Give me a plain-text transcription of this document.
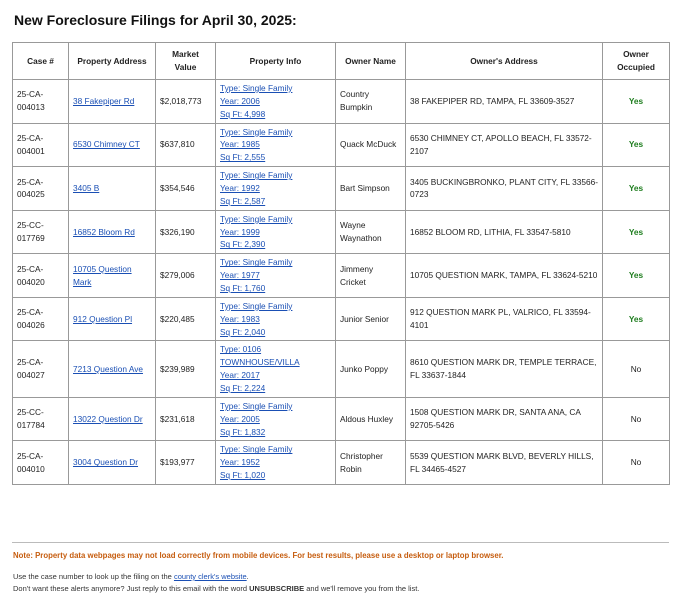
New Foreclosure Filings for April 30, 2025:
Case #	Property Address	Market
Value	Property Info	Owner Name	Owner's Address	Owner
Occupied
25-CA-004013	38 Fakepiper Rd	$2,018,773	Type: Single Family
Year: 2006
Sq Ft: 4,998	Country Bumpkin	38 FAKEPIPER RD, TAMPA, FL 33609-3527	Yes
25-CA-004001	6530 Chimney CT	$637,810	Type: Single Family
Year: 1985
Sq Ft: 2,555	Quack McDuck	6530 CHIMNEY CT, APOLLO BEACH, FL 33572-2107	Yes
25-CA-004025	3405 B	$354,546	Type: Single Family
Year: 1992
Sq Ft: 2,587	Bart Simpson	3405 BUCKINGBRONKO, PLANT CITY, FL 33566-0723	Yes
25-CC-017769	16852 Bloom Rd	$326,190	Type: Single Family
Year: 1999
Sq Ft: 2,390	Wayne Waynathon	16852 BLOOM RD, LITHIA, FL 33547-5810	Yes
25-CA-004020	10705 Question Mark	$279,006	Type: Single Family
Year: 1977
Sq Ft: 1,760	Jimmeny Cricket	10705 QUESTION MARK, TAMPA, FL 33624-5210	Yes
25-CA-004026	912 Question Pl	$220,485	Type: Single Family
Year: 1983
Sq Ft: 2,040	Junior Senior	912 QUESTION MARK PL, VALRICO, FL 33594-4101	Yes
25-CA-004027	7213 Question Ave	$239,989	Type: 0106 TOWNHOUSE/VILLA
Year: 2017
Sq Ft: 2,224	Junko Poppy	8610 QUESTION MARK DR, TEMPLE TERRACE, FL 33637-1844	No
25-CC-017784	13022 Question Dr	$231,618	Type: Single Family
Year: 2005
Sq Ft: 1,832	Aldous Huxley	1508 QUESTION MARK DR, SANTA ANA, CA 92705-5426	No
25-CA-004010	3004 Question Dr	$193,977	Type: Single Family
Year: 1952
Sq Ft: 1,020	Christopher Robin	5539 QUESTION MARK BLVD, BEVERLY HILLS, FL 34465-4527	No
Note: Property data webpages may not load correctly from mobile devices. For best results, please use a desktop or laptop browser.
Use the case number to look up the filing on the county clerk's website.
Don't want these alerts anymore? Just reply to this email with the word UNSUBSCRIBE and we'll remove you from the list.
